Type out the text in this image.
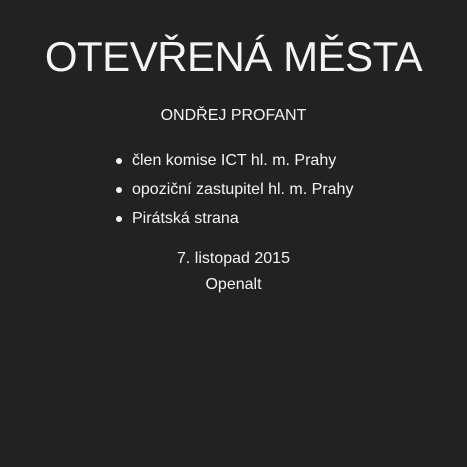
OTEVŘENÁ MĚSTA
ONDŘEJ PROFANT
člen komise ICT hl. m. Prahy
opoziční zastupitel hl. m. Prahy
Pirátská strana
7. listopad 2015
Openalt
